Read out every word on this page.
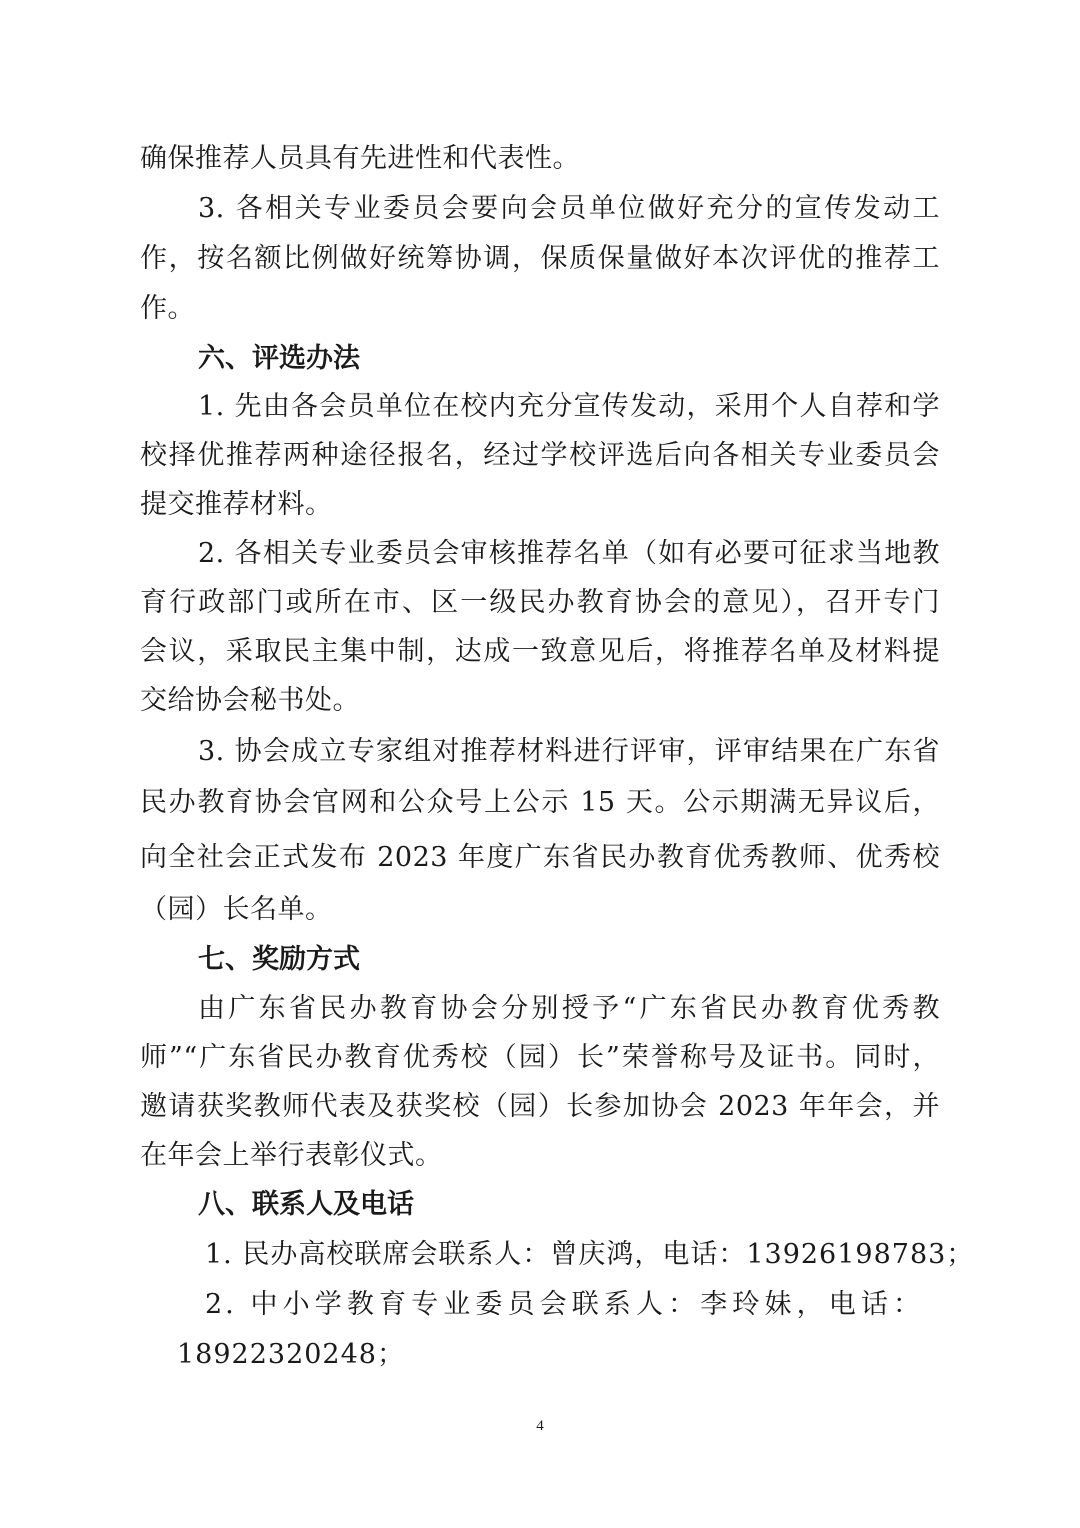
确保推荐人员具有先进性和代表性。
3. 各相关专业委员会要向会员单位做好充分的宣传发动工
作，按名额比例做好统筹协调，保质保量做好本次评优的推荐工
作。
六、评选办法
1. 先由各会员单位在校内充分宣传发动，采用个人自荐和学
校择优推荐两种途径报名，经过学校评选后向各相关专业委员会
提交推荐材料。
2. 各相关专业委员会审核推荐名单（如有必要可征求当地教
育行政部门或所在市、区一级民办教育协会的意见），召开专门
会议，采取民主集中制，达成一致意见后，将推荐名单及材料提
交给协会秘书处。
3. 协会成立专家组对推荐材料进行评审，评审结果在广东省
民办教育协会官网和公众号上公示 15 天。公示期满无异议后，
向全社会正式发布 2023 年度广东省民办教育优秀教师、优秀校
（园）长名单。
七、奖励方式
由广东省民办教育协会分别授予“广东省民办教育优秀教
师”“广东省民办教育优秀校（园）长”荣誉称号及证书。同时，
邀请获奖教师代表及获奖校（园）长参加协会 2023 年年会，并
在年会上举行表彰仪式。
八、联系人及电话
1. 民办高校联席会联系人：曾庆鸿，电话：13926198783；
2. 中小学教育专业委员会联系人：李玲妹，电话：
18922320248；
4
